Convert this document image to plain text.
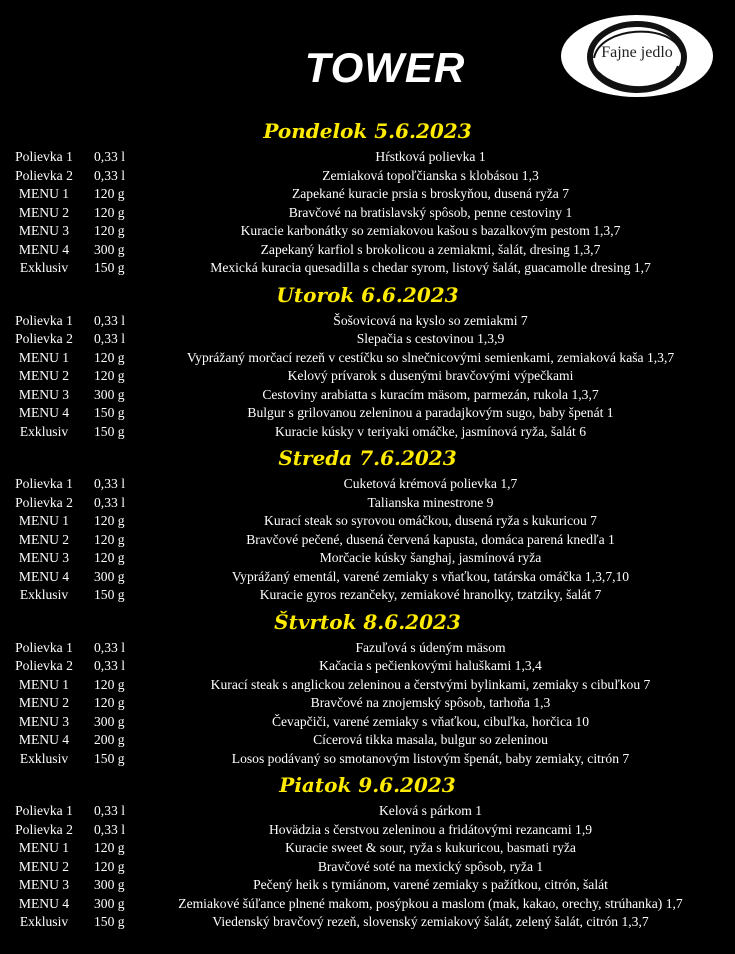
TOWER	Fajne jedlo
Pondelok 5.6.2023
Polievka 1	0,33 l	Hŕstková polievka 1
Polievka 2	0,33 l	Zemiaková topoľčianska s klobásou 1,3
MENU 1	120 g	Zapekané kuracie prsia s broskyňou, dusená ryža 7
MENU 2	120 g	Bravčové na bratislavský spôsob, penne cestoviny 1
MENU 3	120 g	Kuracie karbonátky so zemiakovou kašou s bazalkovým pestom 1,3,7
MENU 4	300 g	Zapekaný karfiol s brokolicou a zemiakmi, šalát, dresing 1,3,7
Exklusiv	150 g	Mexická kuracia quesadilla s chedar syrom, listový šalát, guacamolle dresing 1,7
Utorok 6.6.2023
Polievka 1	0,33 l	Šošovicová na kyslo so zemiakmi 7
Polievka 2	0,33 l	Slepačia s cestovinou 1,3,9
MENU 1	120 g	Vyprážaný morčací rezeň v cestíčku so slnečnicovými semienkami, zemiaková kaša 1,3,7
MENU 2	120 g	Kelový prívarok s dusenými bravčovými výpečkami
MENU 3	300 g	Cestoviny arabiatta s kuracím mäsom, parmezán, rukola 1,3,7
MENU 4	150 g	Bulgur s grilovanou zeleninou a paradajkovým sugo, baby špenát 1
Exklusiv	150 g	Kuracie kúsky v teriyaki omáčke, jasmínová ryža, šalát 6
Streda 7.6.2023
Polievka 1	0,33 l	Cuketová krémová polievka 1,7
Polievka 2	0,33 l	Talianska minestrone 9
MENU 1	120 g	Kurací steak so syrovou omáčkou, dusená ryža s kukuricou 7
MENU 2	120 g	Bravčové pečené, dusená červená kapusta, domáca parená knedľa 1
MENU 3	120 g	Morčacie kúsky šanghaj, jasmínová ryža
MENU 4	300 g	Vyprážaný ementál, varené zemiaky s vňaťkou, tatárska omáčka 1,3,7,10
Exklusiv	150 g	Kuracie gyros rezančeky, zemiakové hranolky, tzatziky, šalát 7
Štvrtok 8.6.2023
Polievka 1	0,33 l	Fazuľová s údeným mäsom
Polievka 2	0,33 l	Kačacia s pečienkovými haluškami 1,3,4
MENU 1	120 g	Kurací steak s anglickou zeleninou a čerstvými bylinkami, zemiaky s cibuľkou 7
MENU 2	120 g	Bravčové na znojemský spôsob, tarhoňa 1,3
MENU 3	300 g	Čevapčiči, varené zemiaky s vňaťkou, cibuľka, horčica 10
MENU 4	200 g	Cícerová tikka masala, bulgur so zeleninou
Exklusiv	150 g	Losos podávaný so smotanovým listovým špenát, baby zemiaky, citrón 7
Piatok 9.6.2023
Polievka 1	0,33 l	Kelová s párkom 1
Polievka 2	0,33 l	Hovädzia s čerstvou zeleninou a fridátovými rezancami 1,9
MENU 1	120 g	Kuracie sweet & sour, ryža s kukuricou, basmati ryža
MENU 2	120 g	Bravčové soté na mexický spôsob, ryža 1
MENU 3	300 g	Pečený heik s tymiánom, varené zemiaky s pažítkou, citrón, šalát
MENU 4	300 g	Zemiakové šúľance plnené makom, posýpkou a maslom (mak, kakao, orechy, strúhanka) 1,7
Exklusiv	150 g	Viedenský bravčový rezeň, slovenský zemiakový šalát, zelený šalát, citrón 1,3,7
